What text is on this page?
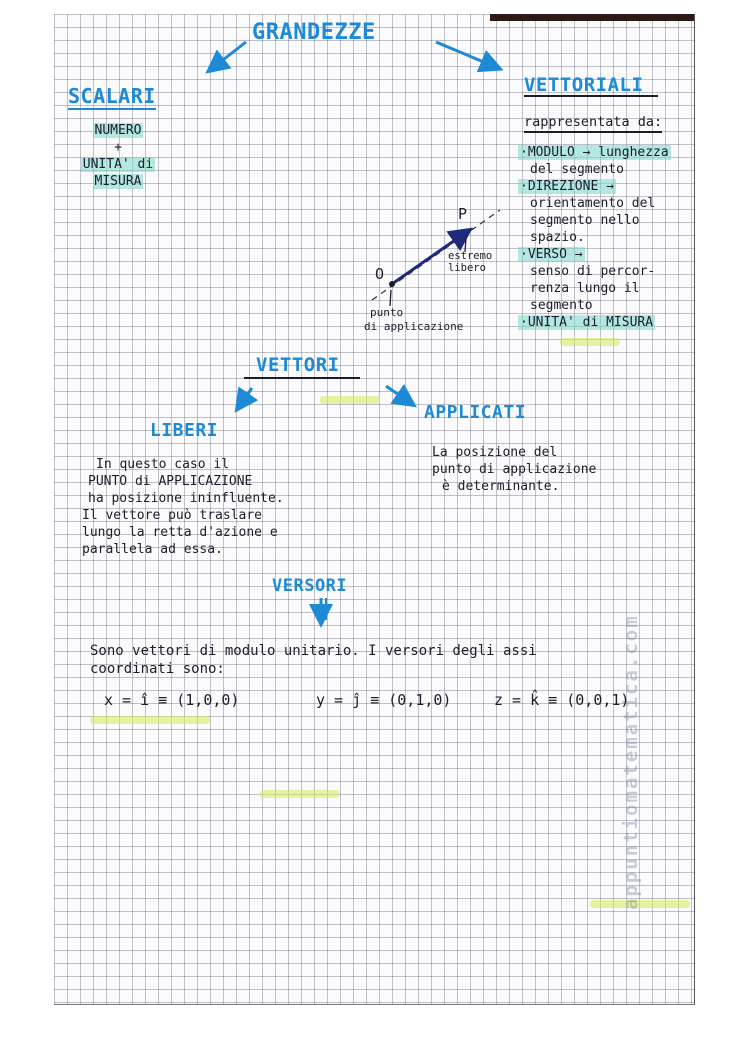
GRANDEZZE
SCALARI
NUMERO
+
UNITA' di
MISURA
VETTORIALI
rappresentata da:
·MODULO → lunghezza
del segmento
·DIREZIONE →
orientamento del
segmento nello
spazio.
·VERSO →
senso di percor-
renza lungo il
segmento
·UNITA' di MISURA
P
O
estremo
libero
punto
di applicazione
VETTORI
LIBERI
In questo caso il
PUNTO di APPLICAZIONE
ha posizione ininfluente.
Il vettore può traslare
lungo la retta d'azione e
parallela ad essa.
APPLICATI
La posizione del
punto di applicazione
è determinante.
VERSORI
Sono vettori di modulo unitario. I versori degli assi
coordinati sono:
x = î ≡ (1,0,0)	y = ĵ ≡ (0,1,0)	z = k̂ ≡ (0,0,1)
appuntiomatematica.com
